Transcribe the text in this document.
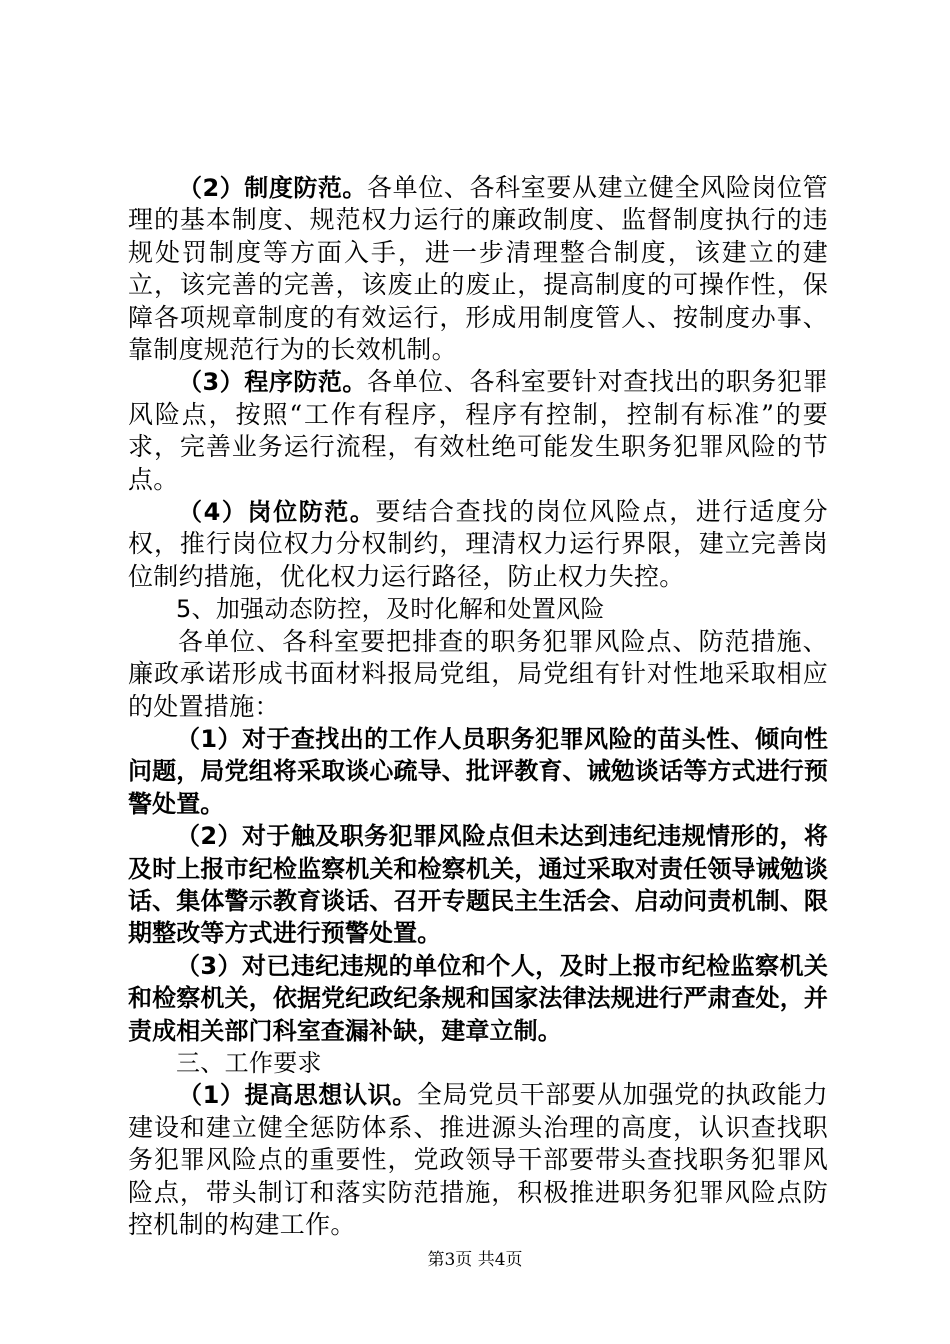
（2）制度防范。各单位、各科室要从建立健全风险岗位管理的基本制度、规范权力运行的廉政制度、监督制度执行的违规处罚制度等方面入手，进一步清理整合制度，该建立的建立，该完善的完善，该废止的废止，提高制度的可操作性，保障各项规章制度的有效运行，形成用制度管人、按制度办事、靠制度规范行为的长效机制。

（3）程序防范。各单位、各科室要针对查找出的职务犯罪风险点，按照“工作有程序，程序有控制，控制有标准”的要求，完善业务运行流程，有效杜绝可能发生职务犯罪风险的节点。

（4）岗位防范。要结合查找的岗位风险点，进行适度分权，推行岗位权力分权制约，理清权力运行界限，建立完善岗位制约措施，优化权力运行路径，防止权力失控。

5、加强动态防控，及时化解和处置风险

各单位、各科室要把排查的职务犯罪风险点、防范措施、廉政承诺形成书面材料报局党组，局党组有针对性地采取相应的处置措施：

（1）对于查找出的工作人员职务犯罪风险的苗头性、倾向性问题，局党组将采取谈心疏导、批评教育、诫勉谈话等方式进行预警处置。

（2）对于触及职务犯罪风险点但未达到违纪违规情形的，将及时上报市纪检监察机关和检察机关，通过采取对责任领导诫勉谈话、集体警示教育谈话、召开专题民主生活会、启动问责机制、限期整改等方式进行预警处置。

（3）对已违纪违规的单位和个人，及时上报市纪检监察机关和检察机关，依据党纪政纪条规和国家法律法规进行严肃查处，并责成相关部门科室查漏补缺，建章立制。

三、工作要求

（1）提高思想认识。全局党员干部要从加强党的执政能力建设和建立健全惩防体系、推进源头治理的高度，认识查找职务犯罪风险点的重要性，党政领导干部要带头查找职务犯罪风险点，带头制订和落实防范措施，积极推进职务犯罪风险点防控机制的构建工作。

第3页 共4页
